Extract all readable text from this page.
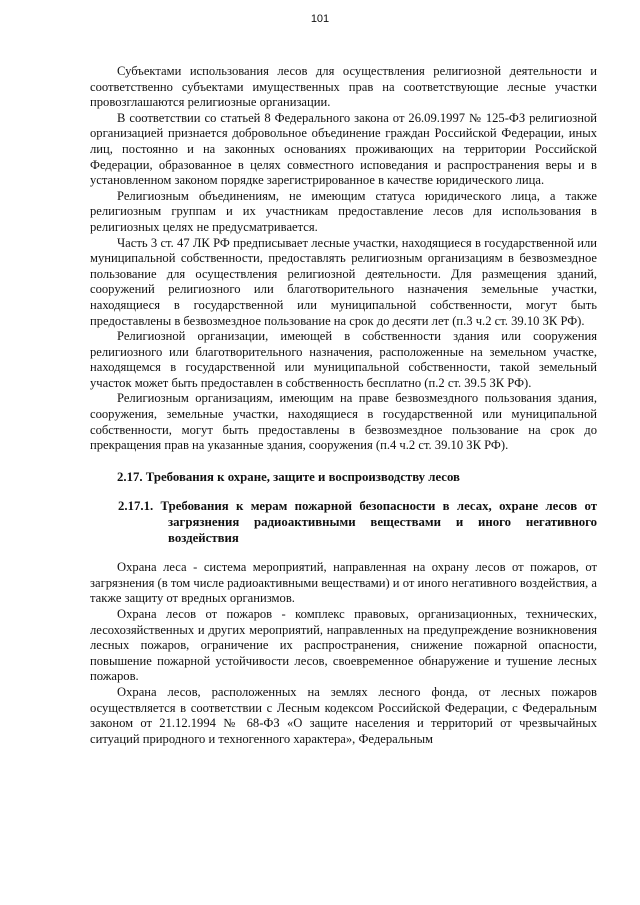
101

Субъектами использования лесов для осуществления религиозной деятельности и соответственно субъектами имущественных прав на соответствующие лесные участки провозглашаются религиозные организации.

В соответствии со статьей 8 Федерального закона от 26.09.1997 № 125-ФЗ религиозной организацией признается добровольное объединение граждан Российской Федерации, иных лиц, постоянно и на законных основаниях проживающих на территории Российской Федерации, образованное в целях совместного исповедания и распространения веры и в установленном законом порядке зарегистрированное в качестве юридического лица.

Религиозным объединениям, не имеющим статуса юридического лица, а также религиозным группам и их участникам предоставление лесов для использования в религиозных целях не предусматривается.

Часть 3 ст. 47 ЛК РФ предписывает лесные участки, находящиеся в государственной или муниципальной собственности, предоставлять религиозным организациям в безвозмездное пользование для осуществления религиозной деятельности. Для размещения зданий, сооружений религиозного или благотворительного назначения земельные участки, находящиеся в государственной или муниципальной собственности, могут быть предоставлены в безвозмездное пользование на срок до десяти лет (п.3 ч.2 ст. 39.10 ЗК РФ).

Религиозной организации, имеющей в собственности здания или сооружения религиозного или благотворительного назначения, расположенные на земельном участке, находящемся в государственной или муниципальной собственности, такой земельный участок может быть предоставлен в собственность бесплатно (п.2 ст. 39.5 ЗК РФ).

Религиозным организациям, имеющим на праве безвозмездного пользования здания, сооружения, земельные участки, находящиеся в государственной или муниципальной собственности, могут быть предоставлены в безвозмездное пользование на срок до прекращения прав на указанные здания, сооружения (п.4 ч.2 ст. 39.10 ЗК РФ).

2.17. Требования к охране, защите и воспроизводству лесов

2.17.1. Требования к мерам пожарной безопасности в лесах, охране лесов от загрязнения радиоактивными веществами и иного негативного воздействия

Охрана леса - система мероприятий, направленная на охрану лесов от пожаров, от загрязнения (в том числе радиоактивными веществами) и от иного негативного воздействия, а также защиту от вредных организмов.

Охрана лесов от пожаров - комплекс правовых, организационных, технических, лесохозяйственных и других мероприятий, направленных на предупреждение возникновения лесных пожаров, ограничение их распространения, снижение пожарной опасности, повышение пожарной устойчивости лесов, своевременное обнаружение и тушение лесных пожаров.

Охрана лесов, расположенных на землях лесного фонда, от лесных пожаров осуществляется в соответствии с Лесным кодексом Российской Федерации, с Федеральным законом от 21.12.1994 № 68-ФЗ «О защите населения и территорий от чрезвычайных ситуаций природного и техногенного характера», Федеральным
